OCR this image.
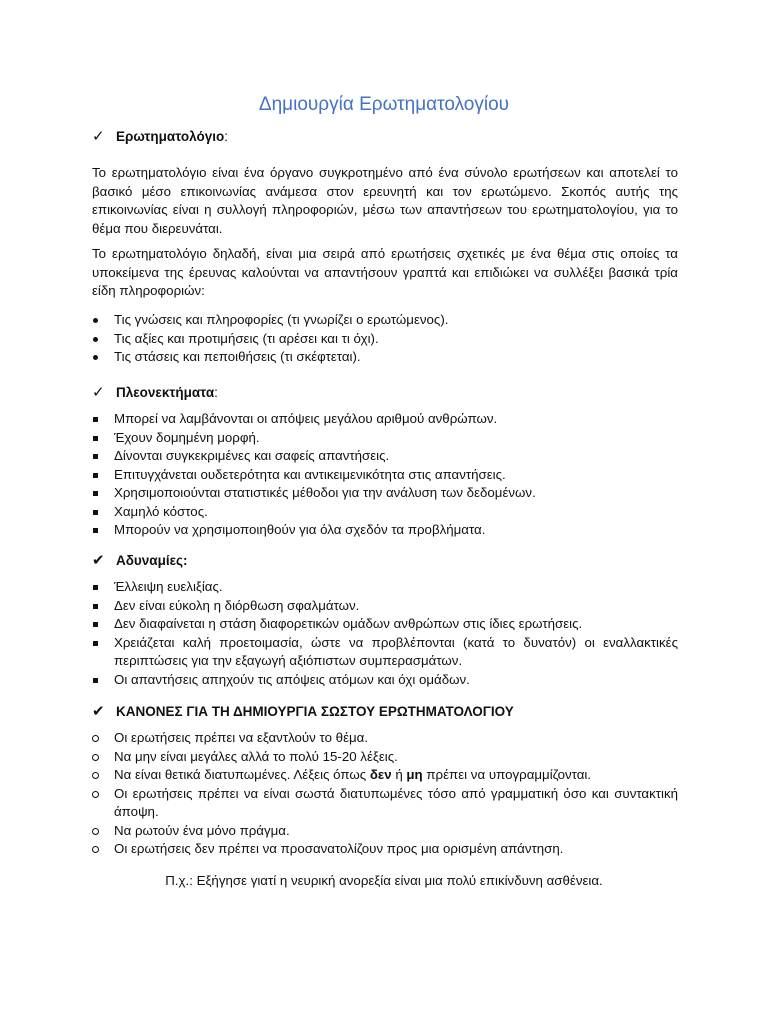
Δημιουργία Ερωτηματολογίου

✓ Ερωτηματολόγιο:

Το ερωτηματολόγιο είναι ένα όργανο συγκροτημένο από ένα σύνολο ερωτήσεων και αποτελεί το βασικό μέσο επικοινωνίας ανάμεσα στον ερευνητή και τον ερωτώμενο. Σκοπός αυτής της επικοινωνίας είναι η συλλογή πληροφοριών, μέσω των απαντήσεων του ερωτηματολογίου, για το θέμα που διερευνάται.

Το ερωτηματολόγιο δηλαδή, είναι μια σειρά από ερωτήσεις σχετικές με ένα θέμα στις οποίες τα υποκείμενα της έρευνας καλούνται να απαντήσουν γραπτά και επιδιώκει να συλλέξει βασικά τρία είδη πληροφοριών:

Τις γνώσεις και πληροφορίες (τι γνωρίζει ο ερωτώμενος).
Τις αξίες και προτιμήσεις (τι αρέσει και τι όχι).
Τις στάσεις και πεποιθήσεις (τι σκέφτεται).

✓ Πλεονεκτήματα:

Μπορεί να λαμβάνονται οι απόψεις μεγάλου αριθμού ανθρώπων.
Έχουν δομημένη μορφή.
Δίνονται συγκεκριμένες και σαφείς απαντήσεις.
Επιτυγχάνεται ουδετερότητα και αντικειμενικότητα στις απαντήσεις.
Χρησιμοποιούνται στατιστικές μέθοδοι για την ανάλυση των δεδομένων.
Χαμηλό κόστος.
Μπορούν να χρησιμοποιηθούν για όλα σχεδόν τα προβλήματα.

✔ Αδυναμίες:

Έλλειψη ευελιξίας.
Δεν είναι εύκολη η διόρθωση σφαλμάτων.
Δεν διαφαίνεται η στάση διαφορετικών ομάδων ανθρώπων στις ίδιες ερωτήσεις.
Χρειάζεται καλή προετοιμασία, ώστε να προβλέπονται (κατά το δυνατόν) οι εναλλακτικές περιπτώσεις για την εξαγωγή αξιόπιστων συμπερασμάτων.
Οι απαντήσεις απηχούν τις απόψεις ατόμων και όχι ομάδων.

✔ ΚΑΝΟΝΕΣ ΓΙΑ ΤΗ ΔΗΜΙΟΥΡΓΙΑ ΣΩΣΤΟΥ ΕΡΩΤΗΜΑΤΟΛΟΓΙΟΥ

Οι ερωτήσεις πρέπει να εξαντλούν το θέμα.
Να μην είναι μεγάλες αλλά το πολύ 15-20 λέξεις.
Να είναι θετικά διατυπωμένες. Λέξεις όπως δεν ή μη πρέπει να υπογραμμίζονται.
Οι ερωτήσεις πρέπει να είναι σωστά διατυπωμένες τόσο από γραμματική όσο και συντακτική άποψη.
Να ρωτούν ένα μόνο πράγμα.
Οι ερωτήσεις δεν πρέπει να προσανατολίζουν προς μια ορισμένη απάντηση.

Π.χ.: Εξήγησε γιατί η νευρική ανορεξία είναι μια πολύ επικίνδυνη ασθένεια.
